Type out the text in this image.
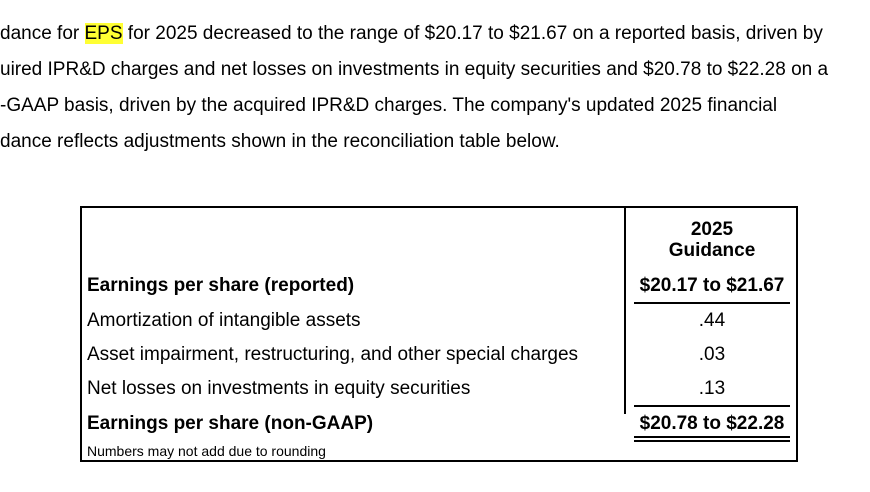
dance for EPS for 2025 decreased to the range of $20.17 to $21.67 on a reported basis, driven by
uired IPR&D charges and net losses on investments in equity securities and $20.78 to $22.28 on a
-GAAP basis, driven by the acquired IPR&D charges. The company's updated 2025 financial
dance reflects adjustments shown in the reconciliation table below.
2025
Guidance
Earnings per share (reported)	$20.17 to $21.67
Amortization of intangible assets	.44
Asset impairment, restructuring, and other special charges	.03
Net losses on investments in equity securities	.13
Earnings per share (non-GAAP)	$20.78 to $22.28
Numbers may not add due to rounding
